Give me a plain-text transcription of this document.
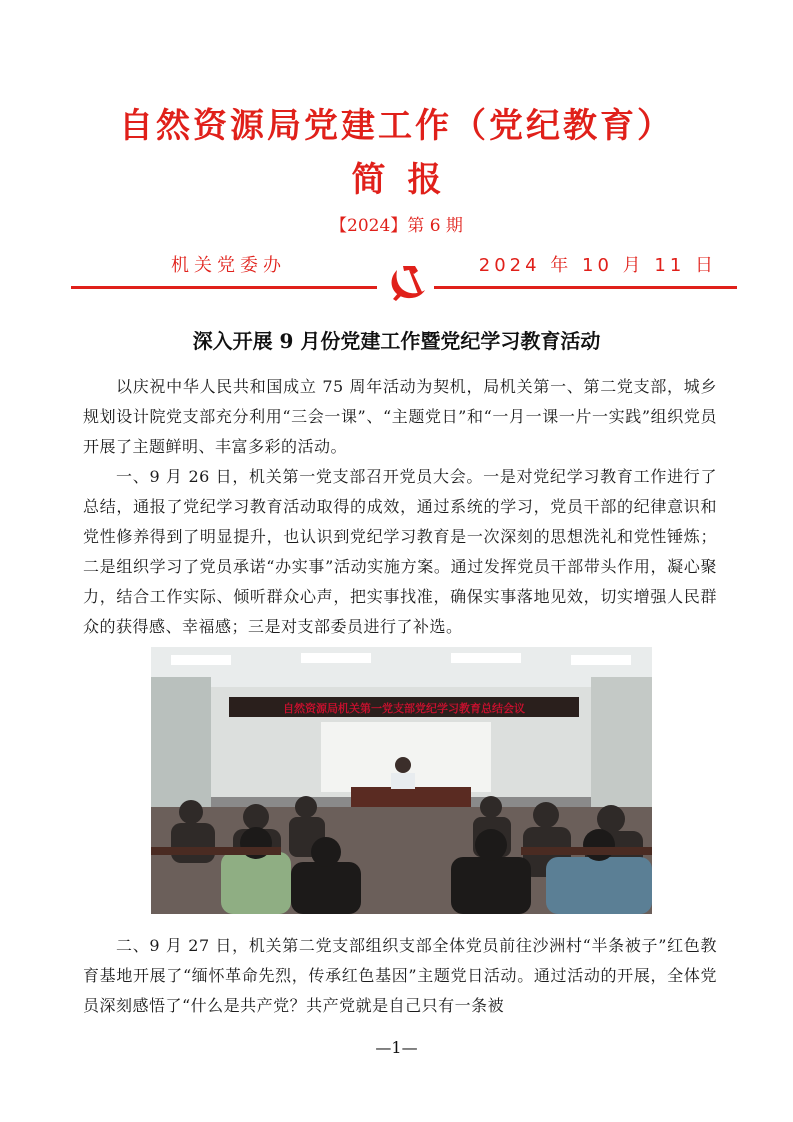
自然资源局党建工作（党纪教育）
简报
【2024】第 6 期
机关党委办	2024 年 10 月 11 日
深入开展 9 月份党建工作暨党纪学习教育活动

以庆祝中华人民共和国成立 75 周年活动为契机，局机关第一、第二党支部，城乡规划设计院党支部充分利用“三会一课”、“主题党日”和“一月一课一片一实践”组织党员开展了主题鲜明、丰富多彩的活动。

一、9 月 26 日，机关第一党支部召开党员大会。一是对党纪学习教育工作进行了总结，通报了党纪学习教育活动取得的成效，通过系统的学习，党员干部的纪律意识和党性修养得到了明显提升，也认识到党纪学习教育是一次深刻的思想洗礼和党性锤炼；二是组织学习了党员承诺“办实事”活动实施方案。通过发挥党员干部带头作用，凝心聚力，结合工作实际、倾听群众心声，把实事找准，确保实事落地见效，切实增强人民群众的获得感、幸福感；三是对支部委员进行了补选。

自然资源局机关第一党支部党纪学习教育总结会议

二、9 月 27 日，机关第二党支部组织支部全体党员前往沙洲村“半条被子”红色教育基地开展了“缅怀革命先烈，传承红色基因”主题党日活动。通过活动的开展，全体党员深刻感悟了“什么是共产党？共产党就是自己只有一条被

—1—
